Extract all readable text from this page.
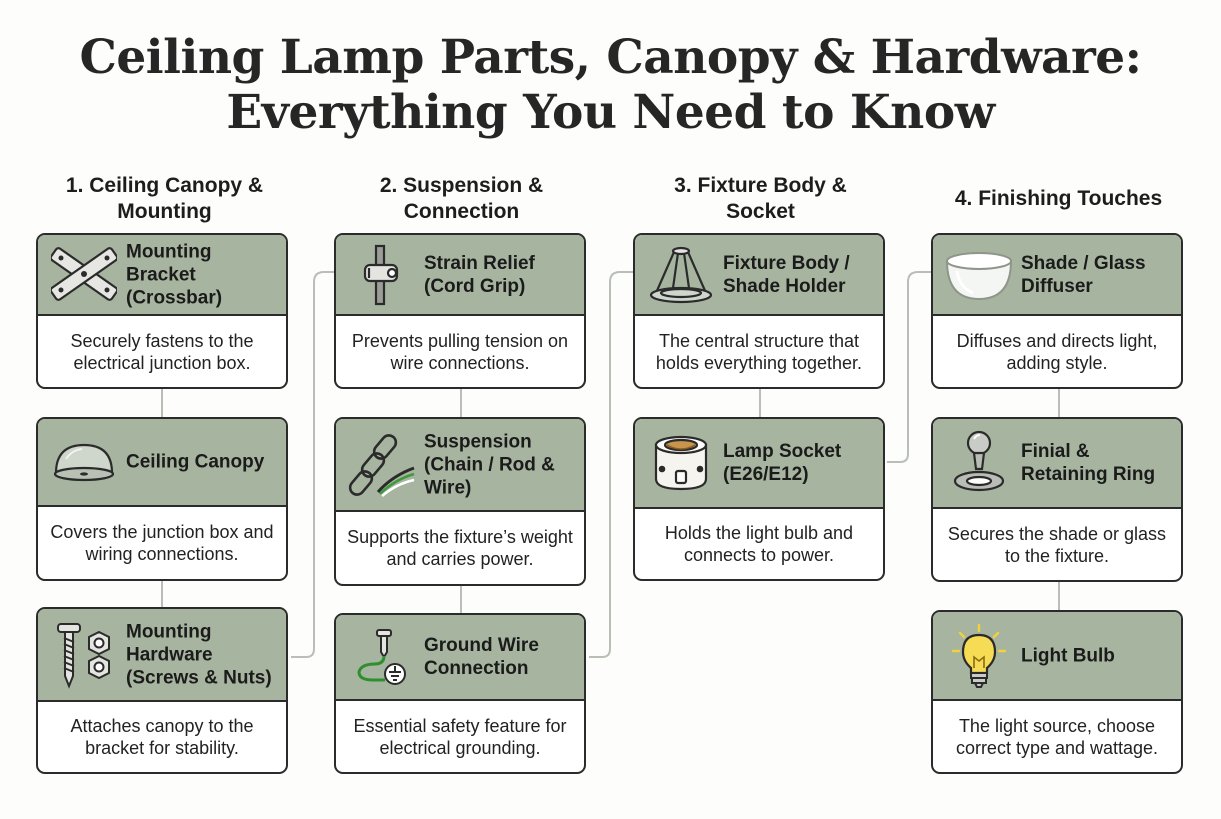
Ceiling Lamp Parts, Canopy & Hardware:
Everything You Need to Know
1. Ceiling Canopy &
Mounting
2. Suspension &
Connection
3. Fixture Body &
Socket
4. Finishing Touches
Mounting Bracket (Crossbar)
Securely fastens to the electrical junction box.
Ceiling Canopy
Covers the junction box and wiring connections.
Mounting Hardware (Screws & Nuts)
Attaches canopy to the bracket for stability.
Strain Relief (Cord Grip)
Prevents pulling tension on wire connections.
Suspension (Chain / Rod & Wire)
Supports the fixture’s weight and carries power.
Ground Wire Connection
Essential safety feature for electrical grounding.
Fixture Body / Shade Holder
The central structure that holds everything together.
Lamp Socket (E26/E12)
Holds the light bulb and connects to power.
Shade / Glass Diffuser
Diffuses and directs light, adding style.
Finial & Retaining Ring
Secures the shade or glass to the fixture.
Light Bulb
The light source, choose correct type and wattage.
